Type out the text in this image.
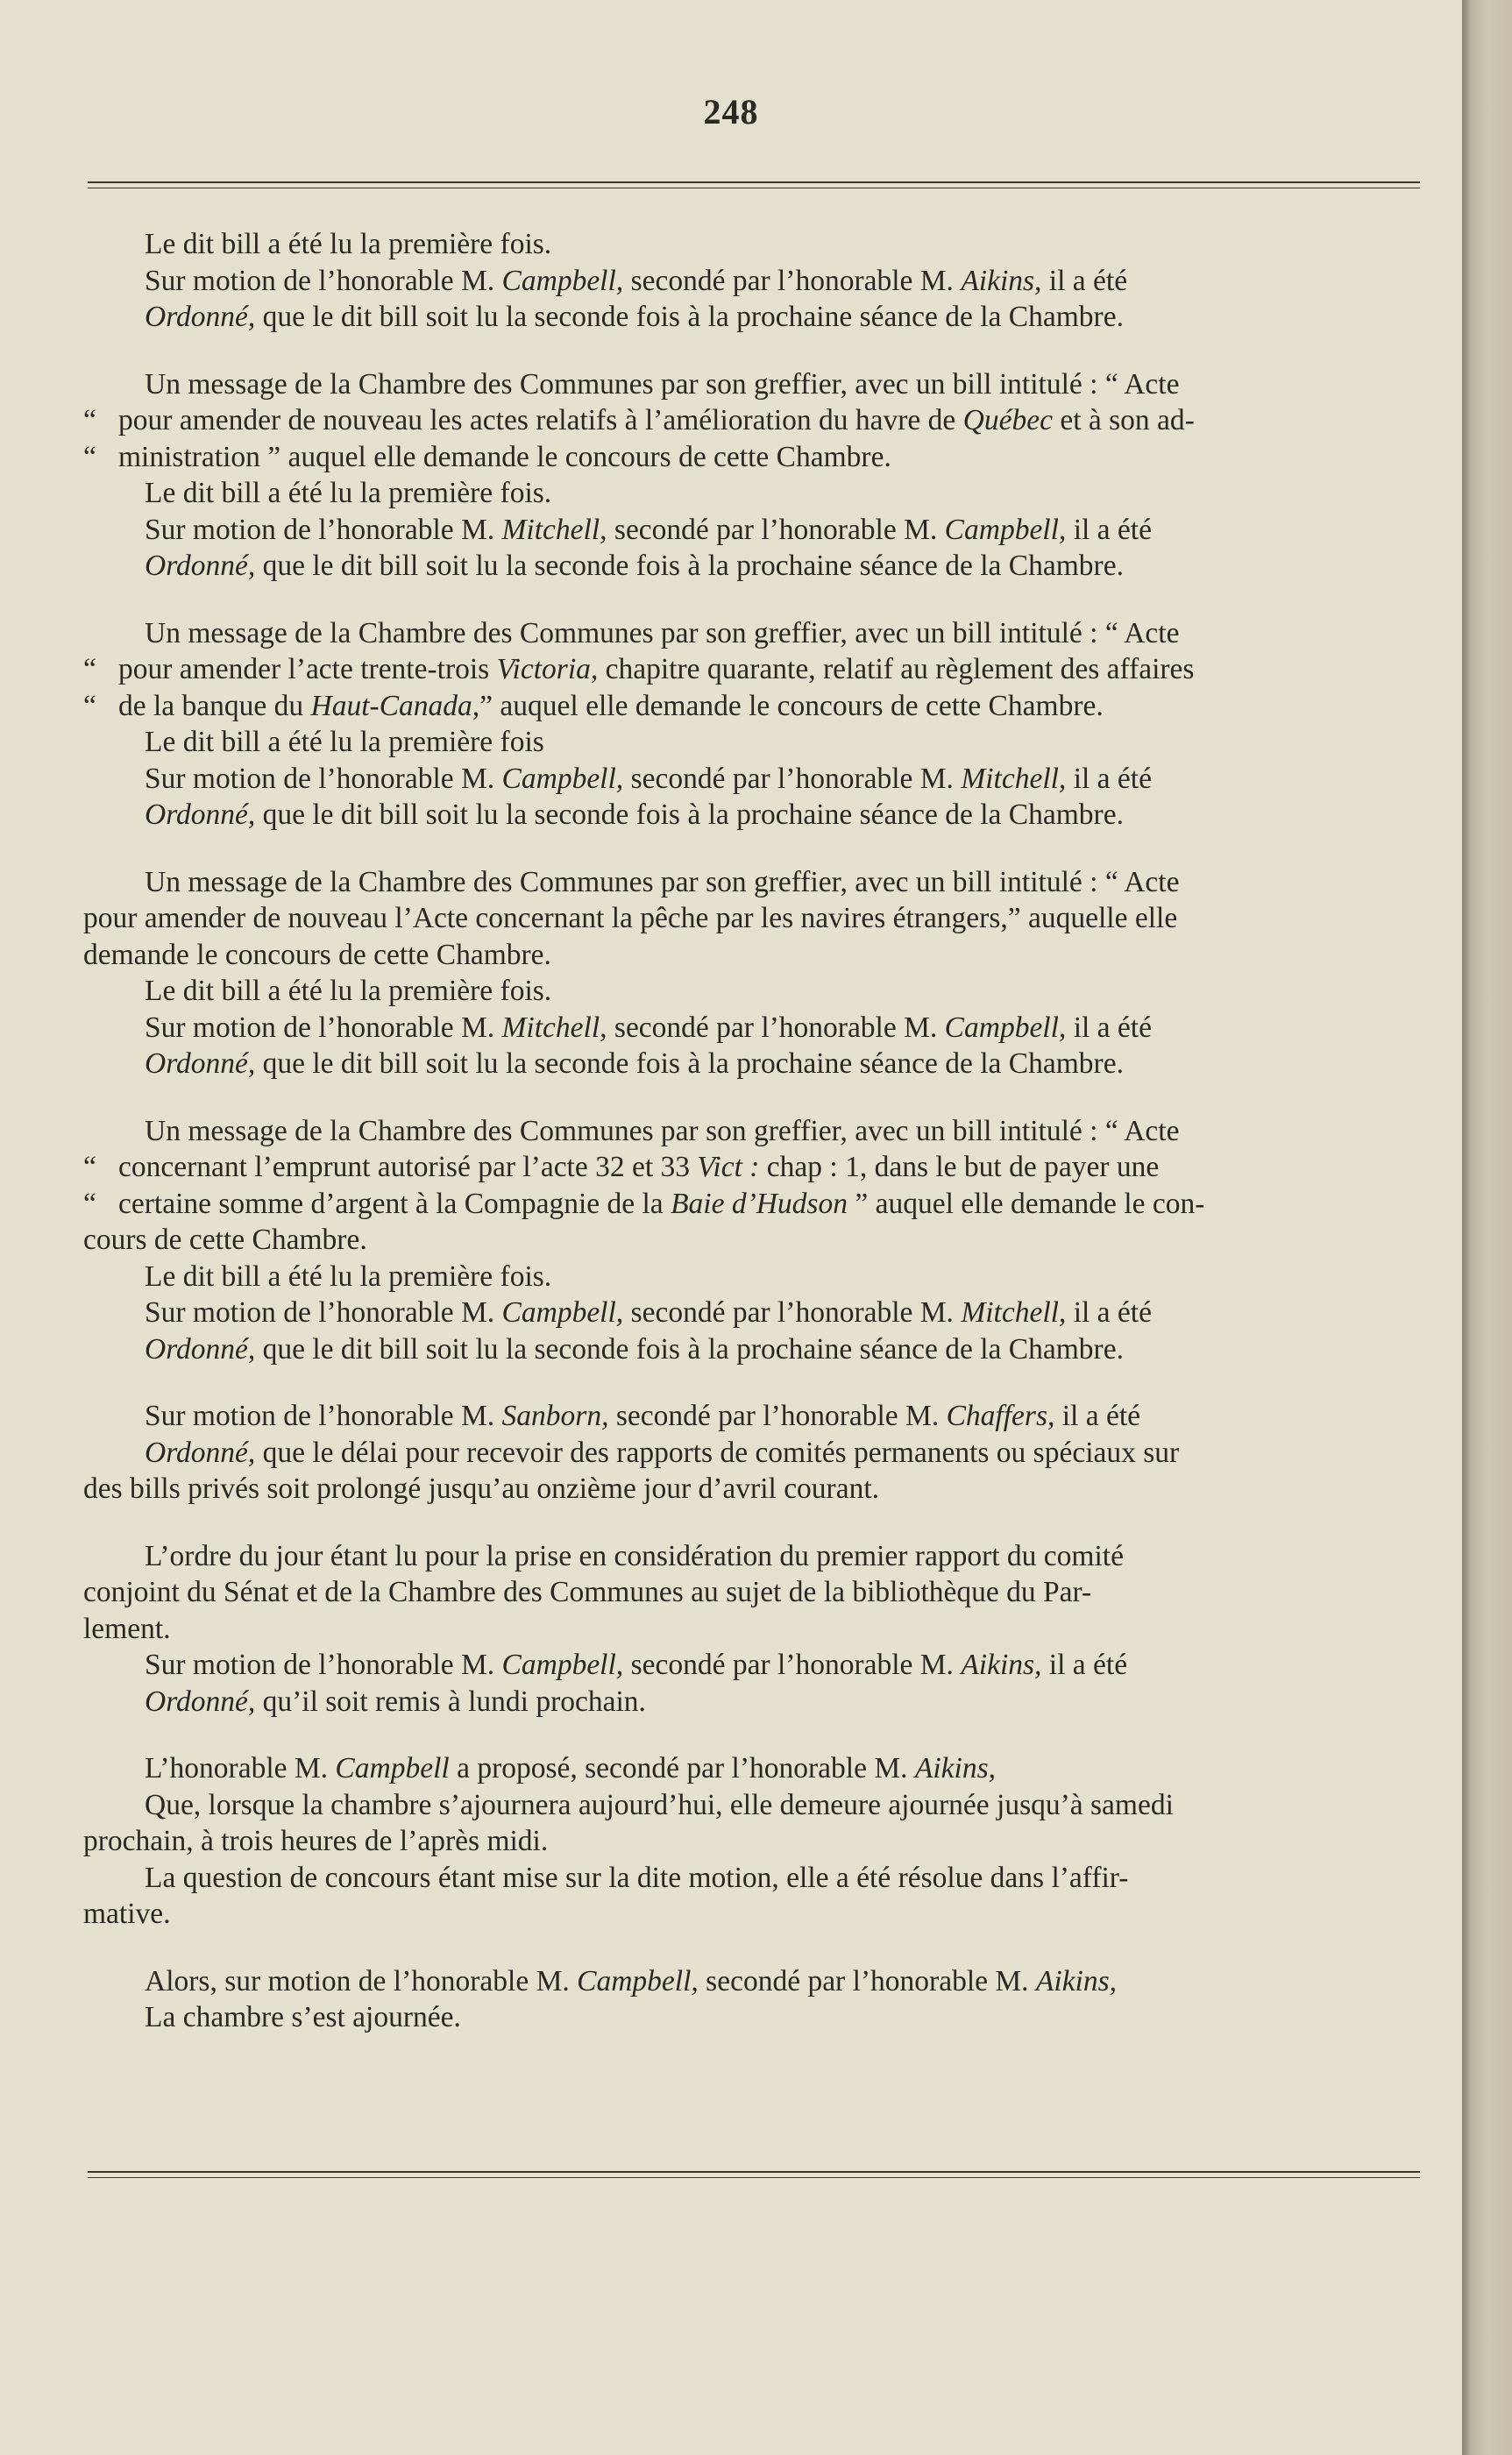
248
Le dit bill a été lu la première fois.
Sur motion de l’honorable M. Campbell, secondé par l’honorable M. Aikins, il a été
Ordonné, que le dit bill soit lu la seconde fois à la prochaine séance de la Chambre.
Un message de la Chambre des Communes par son greffier, avec un bill intitulé : “ Acte
“ pour amender de nouveau les actes relatifs à l’amélioration du havre de Québec et à son ad-
“ ministration ” auquel elle demande le concours de cette Chambre.
Le dit bill a été lu la première fois.
Sur motion de l’honorable M. Mitchell, secondé par l’honorable M. Campbell, il a été
Ordonné, que le dit bill soit lu la seconde fois à la prochaine séance de la Chambre.
Un message de la Chambre des Communes par son greffier, avec un bill intitulé : “ Acte
“ pour amender l’acte trente-trois Victoria, chapitre quarante, relatif au règlement des affaires
“ de la banque du Haut-Canada,” auquel elle demande le concours de cette Chambre.
Le dit bill a été lu la première fois
Sur motion de l’honorable M. Campbell, secondé par l’honorable M. Mitchell, il a été
Ordonné, que le dit bill soit lu la seconde fois à la prochaine séance de la Chambre.
Un message de la Chambre des Communes par son greffier, avec un bill intitulé : “ Acte
pour amender de nouveau l’Acte concernant la pêche par les navires étrangers,” auquelle elle
demande le concours de cette Chambre.
Le dit bill a été lu la première fois.
Sur motion de l’honorable M. Mitchell, secondé par l’honorable M. Campbell, il a été
Ordonné, que le dit bill soit lu la seconde fois à la prochaine séance de la Chambre.
Un message de la Chambre des Communes par son greffier, avec un bill intitulé : “ Acte
“ concernant l’emprunt autorisé par l’acte 32 et 33 Vict : chap : 1, dans le but de payer une
“ certaine somme d’argent à la Compagnie de la Baie d’Hudson ” auquel elle demande le con-
cours de cette Chambre.
Le dit bill a été lu la première fois.
Sur motion de l’honorable M. Campbell, secondé par l’honorable M. Mitchell, il a été
Ordonné, que le dit bill soit lu la seconde fois à la prochaine séance de la Chambre.
Sur motion de l’honorable M. Sanborn, secondé par l’honorable M. Chaffers, il a été
Ordonné, que le délai pour recevoir des rapports de comités permanents ou spéciaux sur
des bills privés soit prolongé jusqu’au onzième jour d’avril courant.
L’ordre du jour étant lu pour la prise en considération du premier rapport du comité
conjoint du Sénat et de la Chambre des Communes au sujet de la bibliothèque du Par-
lement.
Sur motion de l’honorable M. Campbell, secondé par l’honorable M. Aikins, il a été
Ordonné, qu’il soit remis à lundi prochain.
L’honorable M. Campbell a proposé, secondé par l’honorable M. Aikins,
Que, lorsque la chambre s’ajournera aujourd’hui, elle demeure ajournée jusqu’à samedi
prochain, à trois heures de l’après midi.
La question de concours étant mise sur la dite motion, elle a été résolue dans l’affir-
mative.
Alors, sur motion de l’honorable M. Campbell, secondé par l’honorable M. Aikins,
La chambre s’est ajournée.
